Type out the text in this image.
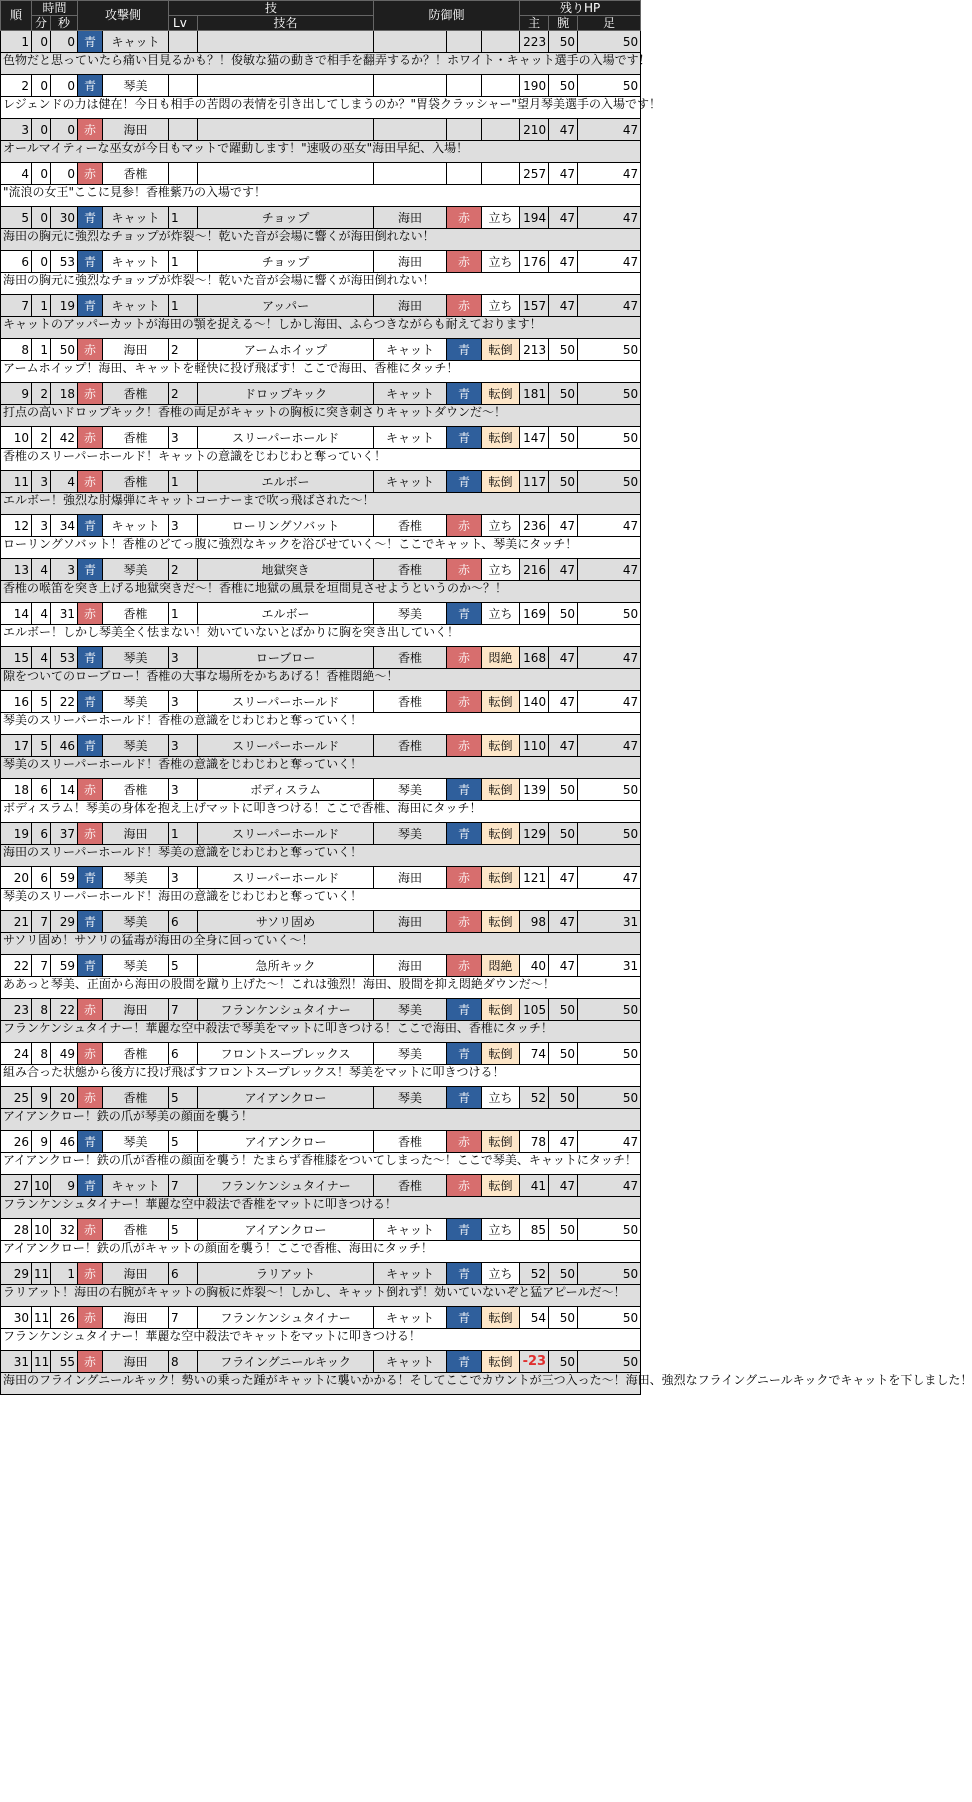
順	時間		攻撃側		技		防御側			残りHP		
	分	秒			Lv	技名				主	腕	足
1	0	0	青	キャット						223	50	50
色物だと思っていたら痛い目見るかも？！俊敏な猫の動きで相手を翻弄するか？！ホワイト・キャット選手の入場です！												
2	0	0	青	琴美						190	50	50
レジェンドの力は健在！今日も相手の苦悶の表情を引き出してしまうのか？"胃袋クラッシャー"望月琴美選手の入場です！												
3	0	0	赤	海田						210	47	47
オールマイティーな巫女が今日もマットで躍動します！"速吸の巫女"海田早紀、入場！												
4	0	0	赤	香椎						257	47	47
"流浪の女王"ここに見参！香椎紫乃の入場です！												
5	0	30	青	キャット	1	チョップ	海田	赤	立ち	194	47	47
海田の胸元に強烈なチョップが炸裂～！乾いた音が会場に響くが海田倒れない！												
6	0	53	青	キャット	1	チョップ	海田	赤	立ち	176	47	47
海田の胸元に強烈なチョップが炸裂～！乾いた音が会場に響くが海田倒れない！												
7	1	19	青	キャット	1	アッパー	海田	赤	立ち	157	47	47
キャットのアッパーカットが海田の顎を捉える～！しかし海田、ふらつきながらも耐えております！												
8	1	50	赤	海田	2	アームホイップ	キャット	青	転倒	213	50	50
アームホイップ！海田、キャットを軽快に投げ飛ばす！ここで海田、香椎にタッチ！												
9	2	18	赤	香椎	2	ドロップキック	キャット	青	転倒	181	50	50
打点の高いドロップキック！香椎の両足がキャットの胸板に突き刺さりキャットダウンだ～！												
10	2	42	赤	香椎	3	スリーパーホールド	キャット	青	転倒	147	50	50
香椎のスリーパーホールド！キャットの意識をじわじわと奪っていく！												
11	3	4	赤	香椎	1	エルボー	キャット	青	転倒	117	50	50
エルボー！強烈な肘爆弾にキャットコーナーまで吹っ飛ばされた～！												
12	3	34	青	キャット	3	ローリングソバット	香椎	赤	立ち	236	47	47
ローリングソバット！香椎のどてっ腹に強烈なキックを浴びせていく～！ここでキャット、琴美にタッチ！												
13	4	3	青	琴美	2	地獄突き	香椎	赤	立ち	216	47	47
香椎の喉笛を突き上げる地獄突きだ～！香椎に地獄の風景を垣間見させようというのか～？！												
14	4	31	赤	香椎	1	エルボー	琴美	青	立ち	169	50	50
エルボー！しかし琴美全く怯まない！効いていないとばかりに胸を突き出していく！												
15	4	53	青	琴美	3	ローブロー	香椎	赤	悶絶	168	47	47
隙をついてのローブロー！香椎の大事な場所をかちあげる！香椎悶絶～！												
16	5	22	青	琴美	3	スリーパーホールド	香椎	赤	転倒	140	47	47
琴美のスリーパーホールド！香椎の意識をじわじわと奪っていく！												
17	5	46	青	琴美	3	スリーパーホールド	香椎	赤	転倒	110	47	47
琴美のスリーパーホールド！香椎の意識をじわじわと奪っていく！												
18	6	14	赤	香椎	3	ボディスラム	琴美	青	転倒	139	50	50
ボディスラム！琴美の身体を抱え上げマットに叩きつける！ここで香椎、海田にタッチ！												
19	6	37	赤	海田	1	スリーパーホールド	琴美	青	転倒	129	50	50
海田のスリーパーホールド！琴美の意識をじわじわと奪っていく！												
20	6	59	青	琴美	3	スリーパーホールド	海田	赤	転倒	121	47	47
琴美のスリーパーホールド！海田の意識をじわじわと奪っていく！												
21	7	29	青	琴美	6	サソリ固め	海田	赤	転倒	98	47	31
サソリ固め！サソリの猛毒が海田の全身に回っていく～！												
22	7	59	青	琴美	5	急所キック	海田	赤	悶絶	40	47	31
ああっと琴美、正面から海田の股間を蹴り上げた～！これは強烈！海田、股間を抑え悶絶ダウンだ～！												
23	8	22	赤	海田	7	フランケンシュタイナー	琴美	青	転倒	105	50	50
フランケンシュタイナー！華麗な空中殺法で琴美をマットに叩きつける！ここで海田、香椎にタッチ！												
24	8	49	赤	香椎	6	フロントスープレックス	琴美	青	転倒	74	50	50
組み合った状態から後方に投げ飛ばすフロントスープレックス！琴美をマットに叩きつける！												
25	9	20	赤	香椎	5	アイアンクロー	琴美	青	立ち	52	50	50
アイアンクロー！鉄の爪が琴美の顔面を襲う！												
26	9	46	青	琴美	5	アイアンクロー	香椎	赤	転倒	78	47	47
アイアンクロー！鉄の爪が香椎の顔面を襲う！たまらず香椎膝をついてしまった～！ここで琴美、キャットにタッチ！												
27	10	9	青	キャット	7	フランケンシュタイナー	香椎	赤	転倒	41	47	47
フランケンシュタイナー！華麗な空中殺法で香椎をマットに叩きつける！												
28	10	32	赤	香椎	5	アイアンクロー	キャット	青	立ち	85	50	50
アイアンクロー！鉄の爪がキャットの顔面を襲う！ここで香椎、海田にタッチ！												
29	11	1	赤	海田	6	ラリアット	キャット	青	立ち	52	50	50
ラリアット！海田の右腕がキャットの胸板に炸裂～！しかし、キャット倒れず！効いていないぞと猛アピールだ～！												
30	11	26	赤	海田	7	フランケンシュタイナー	キャット	青	転倒	54	50	50
フランケンシュタイナー！華麗な空中殺法でキャットをマットに叩きつける！												
31	11	55	赤	海田	8	フライングニールキック	キャット	青	転倒	-23	50	50
海田のフライングニールキック！勢いの乗った踵がキャットに襲いかかる！そしてここでカウントが三つ入った～！海田、強烈なフライングニールキックでキャットを下しました！												
